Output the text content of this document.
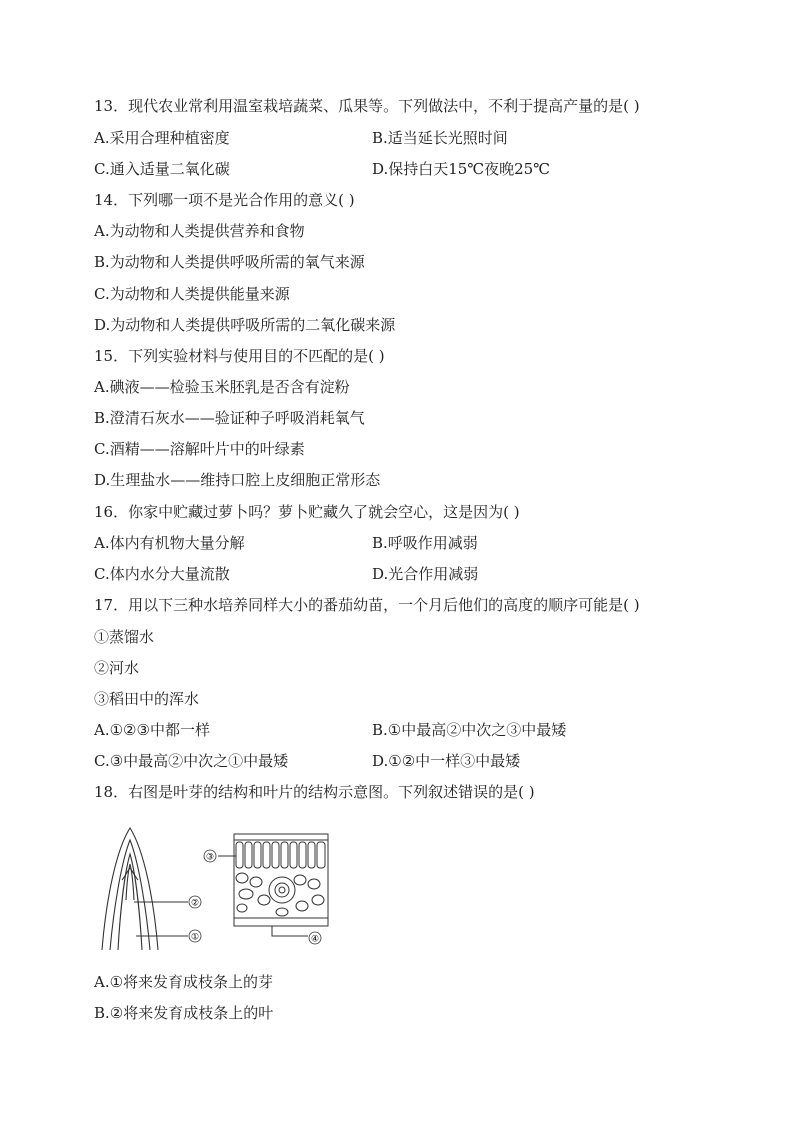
13．现代农业常利用温室栽培蔬菜、瓜果等。下列做法中，不利于提高产量的是( )
A.采用合理种植密度	B.适当延长光照时间
C.通入适量二氧化碳	D.保持白天15℃夜晚25℃
14．下列哪一项不是光合作用的意义( )
A.为动物和人类提供营养和食物
B.为动物和人类提供呼吸所需的氧气来源
C.为动物和人类提供能量来源
D.为动物和人类提供呼吸所需的二氧化碳来源
15．下列实验材料与使用目的不匹配的是( )
A.碘液——检验玉米胚乳是否含有淀粉
B.澄清石灰水——验证种子呼吸消耗氧气
C.酒精——溶解叶片中的叶绿素
D.生理盐水——维持口腔上皮细胞正常形态
16．你家中贮藏过萝卜吗？萝卜贮藏久了就会空心，这是因为( )
A.体内有机物大量分解	B.呼吸作用减弱
C.体内水分大量流散	D.光合作用减弱
17．用以下三种水培养同样大小的番茄幼苗，一个月后他们的高度的顺序可能是( )
①蒸馏水
②河水
③稻田中的浑水
A.①②③中都一样	B.①中最高②中次之③中最矮
C.③中最高②中次之①中最矮	D.①②中一样③中最矮
18．右图是叶芽的结构和叶片的结构示意图。下列叙述错误的是( )
③
②
①	④
A.①将来发育成枝条上的芽
B.②将来发育成枝条上的叶
